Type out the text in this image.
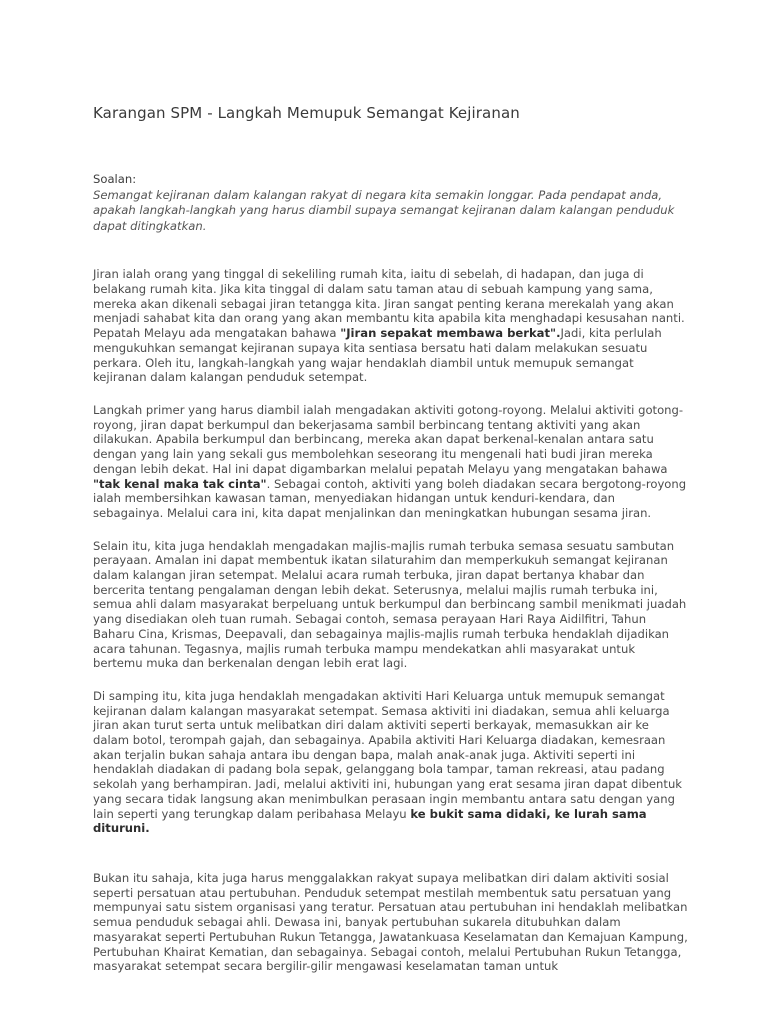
Karangan SPM - Langkah Memupuk Semangat Kejiranan

Soalan:

Semangat kejiranan dalam kalangan rakyat di negara kita semakin longgar. Pada pendapat anda, apakah langkah-langkah yang harus diambil supaya semangat kejiranan dalam kalangan penduduk dapat ditingkatkan.

Jiran ialah orang yang tinggal di sekeliling rumah kita, iaitu di sebelah, di hadapan, dan juga di belakang rumah kita. Jika kita tinggal di dalam satu taman atau di sebuah kampung yang sama, mereka akan dikenali sebagai jiran tetangga kita. Jiran sangat penting kerana merekalah yang akan menjadi sahabat kita dan orang yang akan membantu kita apabila kita menghadapi kesusahan nanti. Pepatah Melayu ada mengatakan bahawa "Jiran sepakat membawa berkat".Jadi, kita perlulah mengukuhkan semangat kejiranan supaya kita sentiasa bersatu hati dalam melakukan sesuatu perkara. Oleh itu, langkah-langkah yang wajar hendaklah diambil untuk memupuk semangat kejiranan dalam kalangan penduduk setempat.

Langkah primer yang harus diambil ialah mengadakan aktiviti gotong-royong. Melalui aktiviti gotong-royong, jiran dapat berkumpul dan bekerjasama sambil berbincang tentang aktiviti yang akan dilakukan. Apabila berkumpul dan berbincang, mereka akan dapat berkenal-kenalan antara satu dengan yang lain yang sekali gus membolehkan seseorang itu mengenali hati budi jiran mereka dengan lebih dekat. Hal ini dapat digambarkan melalui pepatah Melayu yang mengatakan bahawa "tak kenal maka tak cinta". Sebagai contoh, aktiviti yang boleh diadakan secara bergotong-royong ialah membersihkan kawasan taman, menyediakan hidangan untuk kenduri-kendara, dan sebagainya. Melalui cara ini, kita dapat menjalinkan dan meningkatkan hubungan sesama jiran.

Selain itu, kita juga hendaklah mengadakan majlis-majlis rumah terbuka semasa sesuatu sambutan perayaan. Amalan ini dapat membentuk ikatan silaturahim dan memperkukuh semangat kejiranan dalam kalangan jiran setempat. Melalui acara rumah terbuka, jiran dapat bertanya khabar dan bercerita tentang pengalaman dengan lebih dekat. Seterusnya, melalui majlis rumah terbuka ini, semua ahli dalam masyarakat berpeluang untuk berkumpul dan berbincang sambil menikmati juadah yang disediakan oleh tuan rumah. Sebagai contoh, semasa perayaan Hari Raya Aidilfitri, Tahun Baharu Cina, Krismas, Deepavali, dan sebagainya majlis-majlis rumah terbuka hendaklah dijadikan acara tahunan. Tegasnya, majlis rumah terbuka mampu mendekatkan ahli masyarakat untuk bertemu muka dan berkenalan dengan lebih erat lagi.

Di samping itu, kita juga hendaklah mengadakan aktiviti Hari Keluarga untuk memupuk semangat kejiranan dalam kalangan masyarakat setempat. Semasa aktiviti ini diadakan, semua ahli keluarga jiran akan turut serta untuk melibatkan diri dalam aktiviti seperti berkayak, memasukkan air ke dalam botol, terompah gajah, dan sebagainya. Apabila aktiviti Hari Keluarga diadakan, kemesraan akan terjalin bukan sahaja antara ibu dengan bapa, malah anak-anak juga. Aktiviti seperti ini hendaklah diadakan di padang bola sepak, gelanggang bola tampar, taman rekreasi, atau padang sekolah yang berhampiran. Jadi, melalui aktiviti ini, hubungan yang erat sesama jiran dapat dibentuk yang secara tidak langsung akan menimbulkan perasaan ingin membantu antara satu dengan yang lain seperti yang terungkap dalam peribahasa Melayu ke bukit sama didaki, ke lurah sama dituruni.

Bukan itu sahaja, kita juga harus menggalakkan rakyat supaya melibatkan diri dalam aktiviti sosial seperti persatuan atau pertubuhan. Penduduk setempat mestilah membentuk satu persatuan yang mempunyai satu sistem organisasi yang teratur. Persatuan atau pertubuhan ini hendaklah melibatkan semua penduduk sebagai ahli. Dewasa ini, banyak pertubuhan sukarela ditubuhkan dalam masyarakat seperti Pertubuhan Rukun Tetangga, Jawatankuasa Keselamatan dan Kemajuan Kampung, Pertubuhan Khairat Kematian, dan sebagainya. Sebagai contoh, melalui Pertubuhan Rukun Tetangga, masyarakat setempat secara bergilir-gilir mengawasi keselamatan taman untuk
